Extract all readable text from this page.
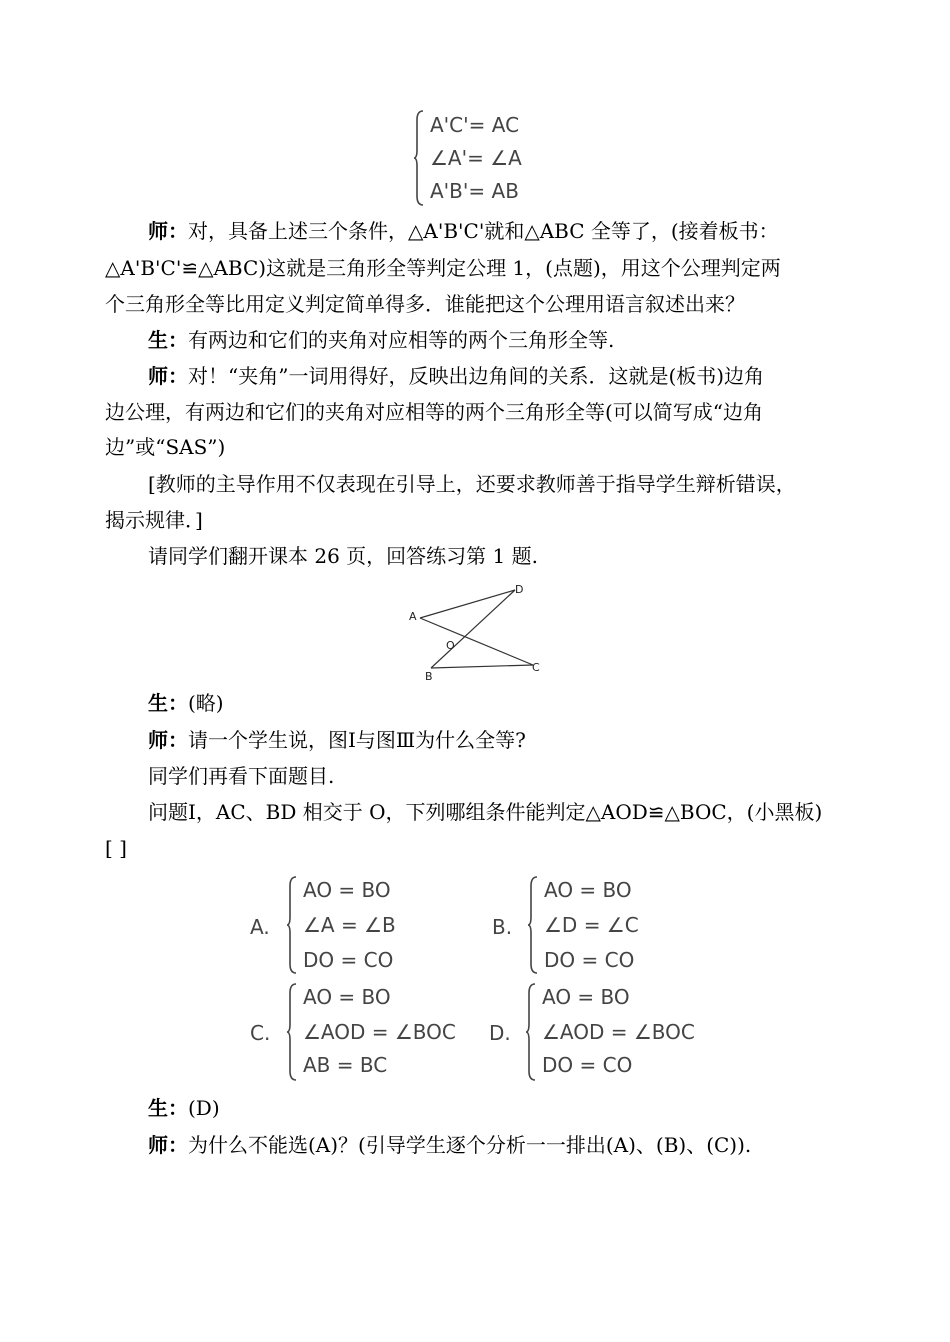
A'C'= AC
∠A'= ∠A
A'B'= AB
师：对，具备上述三个条件，△A'B'C'就和△ABC 全等了，(接着板书：
△A'B'C'≌△ABC)这就是三角形全等判定公理 1，(点题)，用这个公理判定两
个三角形全等比用定义判定简单得多．谁能把这个公理用语言叙述出来？
生：有两边和它们的夹角对应相等的两个三角形全等.
师：对！“夹角”一词用得好，反映出边角间的关系．这就是(板书)边角
边公理，有两边和它们的夹角对应相等的两个三角形全等(可以简写成“边角
边”或“SAS”)
[教师的主导作用不仅表现在引导上，还要求教师善于指导学生辩析错误，
揭示规律．]
请同学们翻开课本 26 页，回答练习第 1 题.
A
D
O
B
C
生：(略)
师：请一个学生说，图Ⅰ与图Ⅲ为什么全等?
同学们再看下面题目.
问题Ⅰ，AC、BD 相交于 O，下列哪组条件能判定△AOD≌△BOC，(小黑板)
[ ]
A.
AO = BO
∠A = ∠B
DO = CO
B.
AO = BO
∠D = ∠C
DO = CO
C.
AO = BO
∠AOD = ∠BOC
AB = BC
D.
AO = BO
∠AOD = ∠BOC
DO = CO
生：(D)
师：为什么不能选(A)？(引导学生逐个分析一一排出(A)、(B)、(C)).
